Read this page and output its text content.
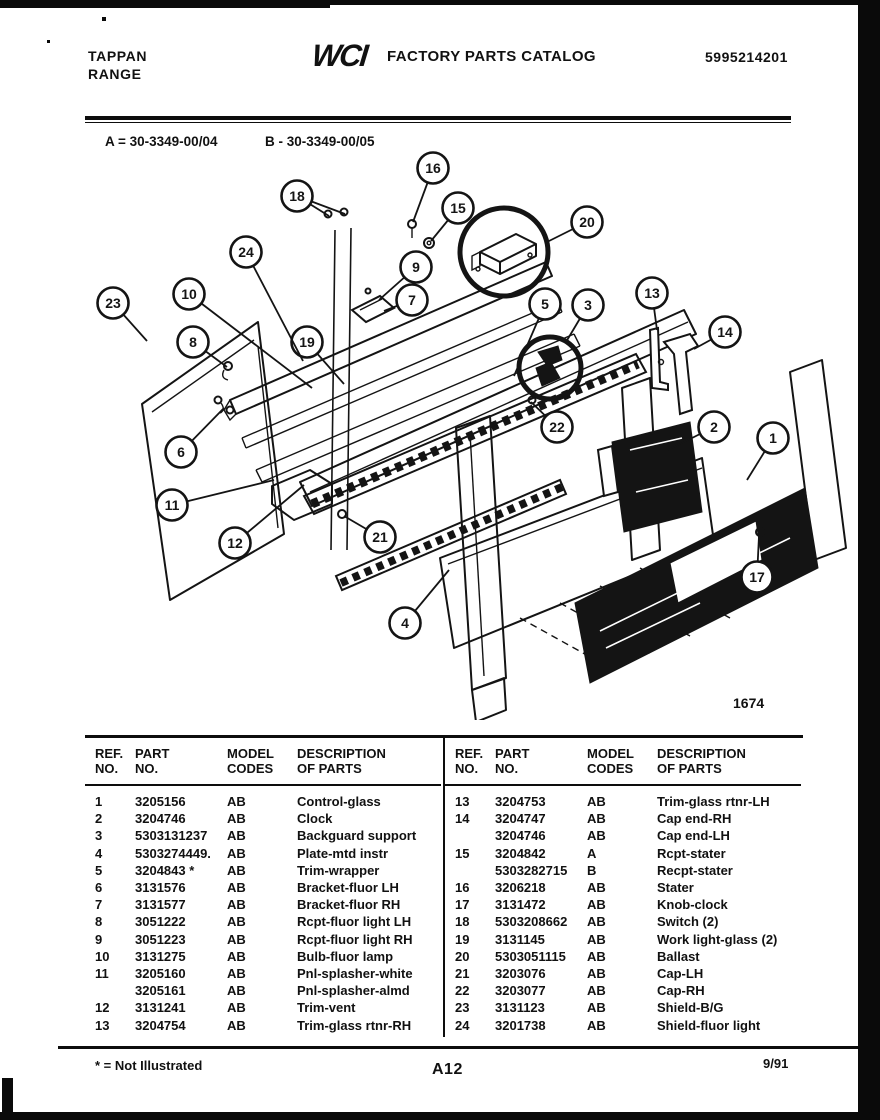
TAPPAN
RANGE
WCI FACTORY PARTS CATALOG	5995214201
A = 30-3349-00/04	B - 30-3349-00/05
1
2
3
4
5
6
7
8
9
10
11
12
13
14
15
16
17
18
19
20
21
22
23
24
1674
REF.
NO.
PART
NO.
MODEL
CODES
DESCRIPTION
OF PARTS
1	3205156	AB	Control-glass
2	3204746	AB	Clock
3	5303131237	AB	Backguard support
4	5303274449.	AB	Plate-mtd instr
5	3204843 *	AB	Trim-wrapper
6	3131576	AB	Bracket-fluor LH
7	3131577	AB	Bracket-fluor RH
8	3051222	AB	Rcpt-fluor light LH
9	3051223	AB	Rcpt-fluor light RH
10	3131275	AB	Bulb-fluor lamp
11	3205160	AB	Pnl-splasher-white
3205161	AB	Pnl-splasher-almd
12	3131241	AB	Trim-vent
13	3204754	AB	Trim-glass rtnr-RH
REF.
NO.
PART
NO.
MODEL
CODES
DESCRIPTION
OF PARTS
13	3204753	AB	Trim-glass rtnr-LH
14	3204747	AB	Cap end-RH
3204746	AB	Cap end-LH
15	3204842	A	Rcpt-stater
5303282715	B	Recpt-stater
16	3206218	AB	Stater
17	3131472	AB	Knob-clock
18	5303208662	AB	Switch (2)
19	3131145	AB	Work light-glass (2)
20	5303051115	AB	Ballast
21	3203076	AB	Cap-LH
22	3203077	AB	Cap-RH
23	3131123	AB	Shield-B/G
24	3201738	AB	Shield-fluor light
* = Not Illustrated	A12	9/91
